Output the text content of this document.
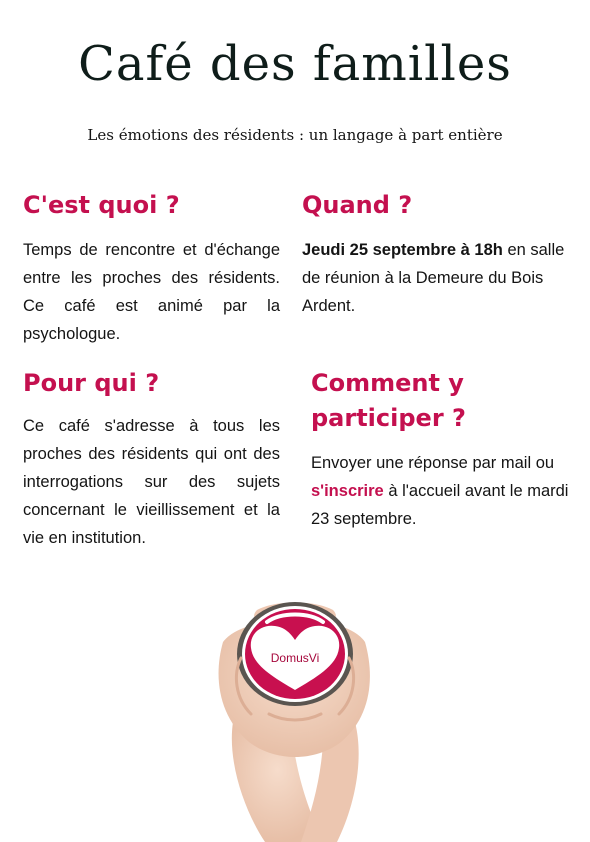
Café des familles
Les émotions des résidents : un langage à part entière
C'est quoi ?

Temps de rencontre et d'échange entre les proches des résidents. Ce café est animé par la psychologue.

Quand ?

Jeudi 25 septembre à 18h en salle de réunion à la Demeure du Bois Ardent.

Pour qui ?

Ce café s'adresse à tous les proches des résidents qui ont des interrogations sur des sujets concernant le vieillissement et la vie en institution.

Comment y participer ?

Envoyer une réponse par mail ou s'inscrire à l'accueil avant le mardi 23 septembre.

DomusVi
